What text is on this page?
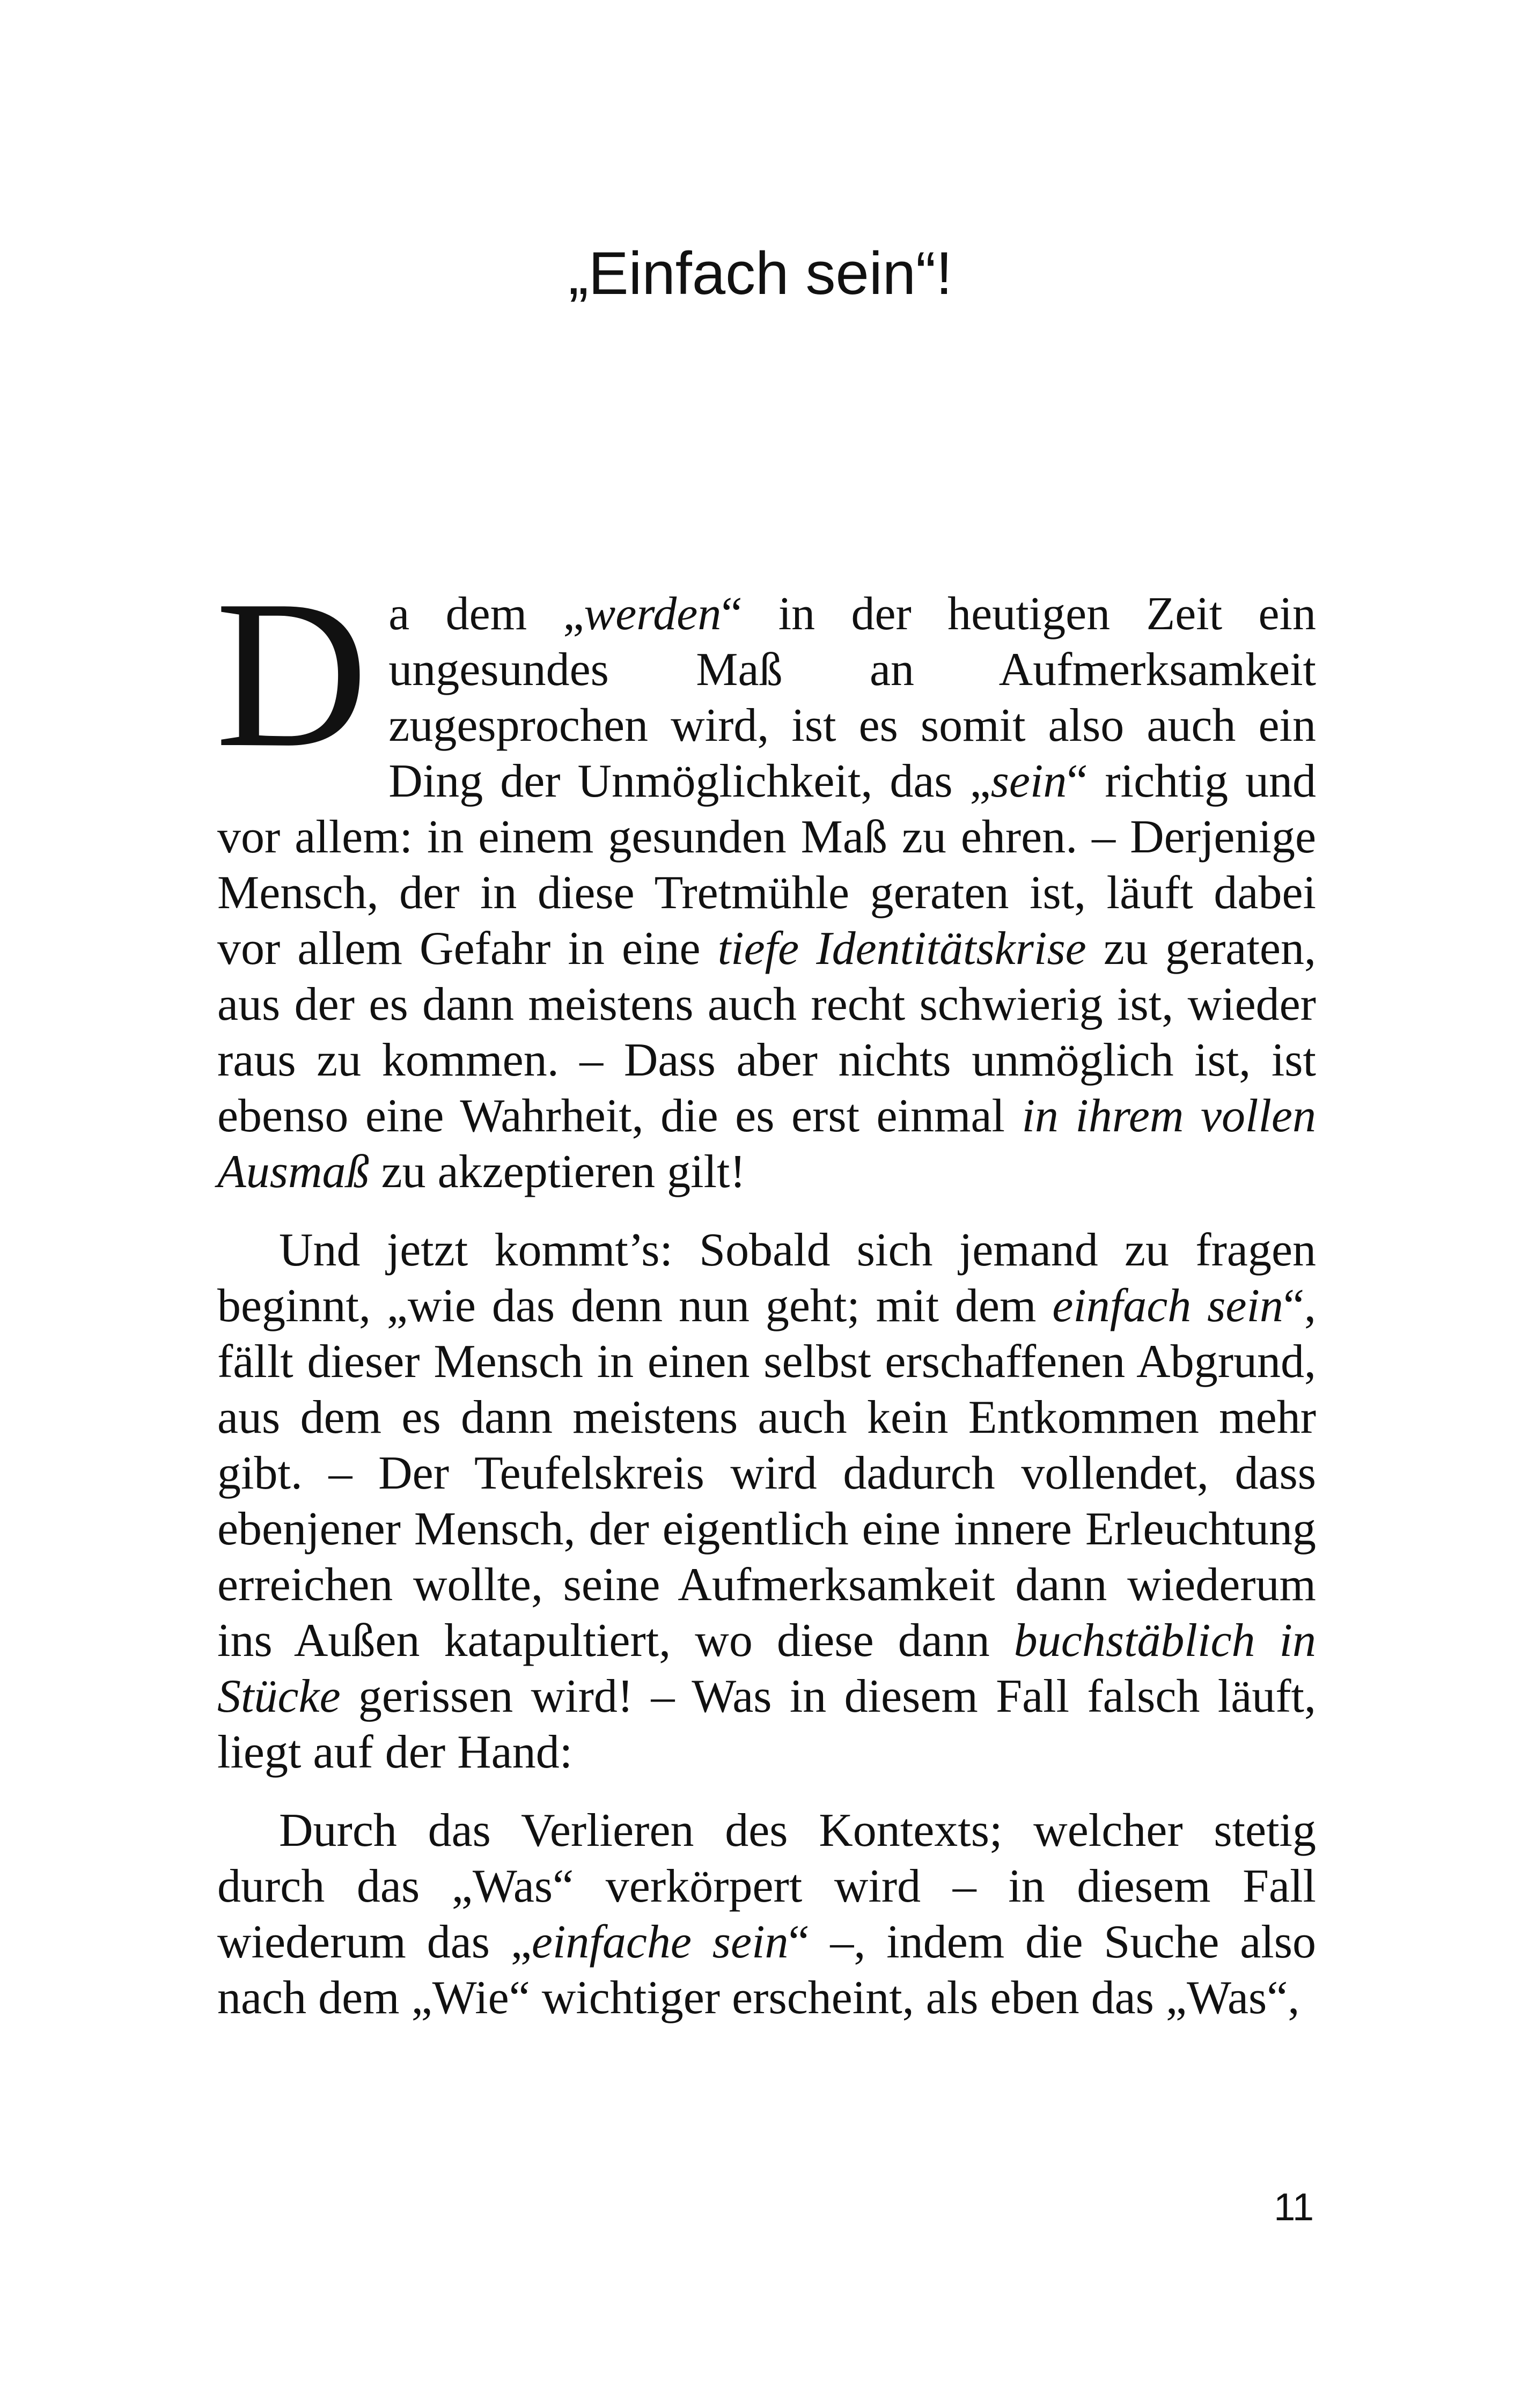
„Einfach sein“!

Da dem „werden“ in der heutigen Zeit ein ungesundes Maß an Aufmerksamkeit zugesprochen wird, ist es somit also auch ein Ding der Unmöglichkeit, das „sein“ richtig und vor allem: in einem gesunden Maß zu ehren. – Derjenige Mensch, der in diese Tretmühle geraten ist, läuft dabei vor allem Gefahr in eine tiefe Identitätskrise zu geraten, aus der es dann meistens auch recht schwierig ist, wieder raus zu kommen. – Dass aber nichts unmöglich ist, ist ebenso eine Wahrheit, die es erst einmal in ihrem vollen Ausmaß zu akzeptieren gilt!

Und jetzt kommt’s: Sobald sich jemand zu fragen beginnt, „wie das denn nun geht; mit dem einfach sein“, fällt dieser Mensch in einen selbst erschaffenen Abgrund, aus dem es dann meistens auch kein Entkommen mehr gibt. – Der Teufelskreis wird dadurch vollendet, dass ebenjener Mensch, der eigentlich eine innere Erleuchtung erreichen wollte, seine Aufmerksamkeit dann wiederum ins Außen katapultiert, wo diese dann buchstäblich in Stücke gerissen wird! – Was in diesem Fall falsch läuft, liegt auf der Hand:

Durch das Verlieren des Kontexts; welcher stetig durch das „Was“ verkörpert wird – in diesem Fall wiederum das „einfache sein“ –, indem die Suche also nach dem „Wie“ wichtiger erscheint, als eben das „Was“,

11
